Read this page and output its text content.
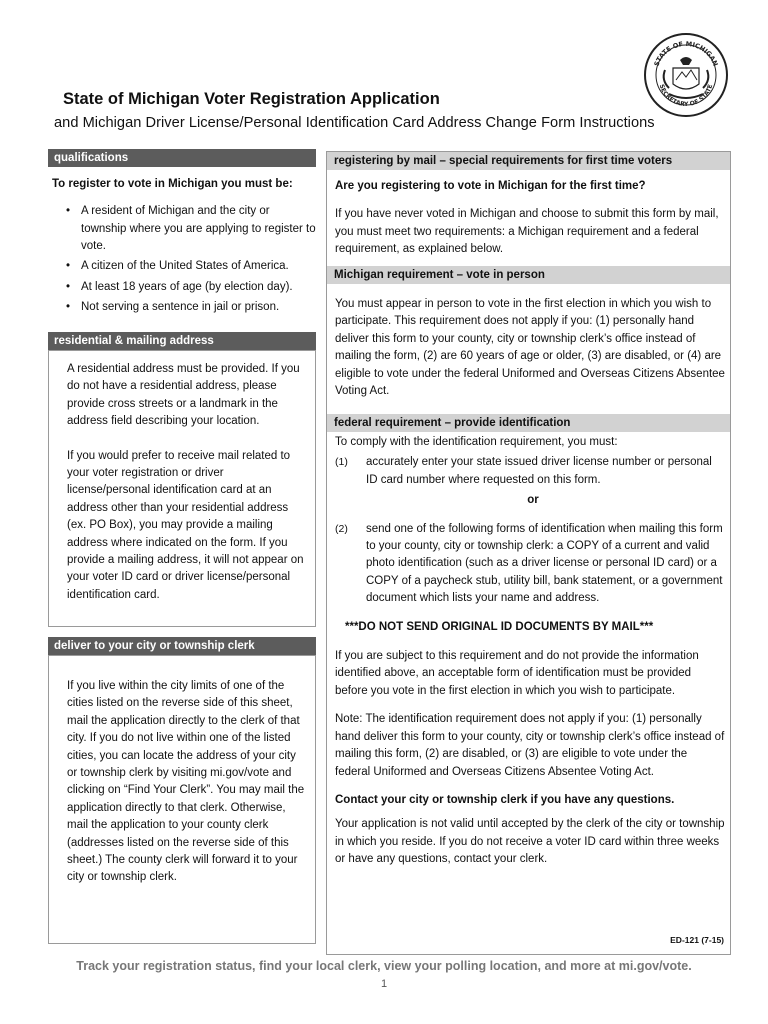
STATE OF MICHIGAN
SECRETARY OF STATE
State of Michigan Voter Registration Application
and Michigan Driver License/Personal Identification Card Address Change Form Instructions
qualifications

To register to vote in Michigan you must be:

• A resident of Michigan and the city or township where you are applying to register to vote.
• A citizen of the United States of America.
• At least 18 years of age (by election day).
• Not serving a sentence in jail or prison.
residential & mailing address

A residential address must be provided. If you do not have a residential address, please provide cross streets or a landmark in the address field describing your location.

If you would prefer to receive mail related to your voter registration or driver license/personal identification card at an address other than your residential address (ex. PO Box), you may provide a mailing address where indicated on the form. If you provide a mailing address, it will not appear on your voter ID card or driver license/personal identification card.

deliver to your city or township clerk

If you live within the city limits of one of the cities listed on the reverse side of this sheet, mail the application directly to the clerk of that city. If you do not live within one of the listed cities, you can locate the address of your city or township clerk by visiting mi.gov/vote and clicking on “Find Your Clerk”. You may mail the application directly to that clerk. Otherwise, mail the application to your county clerk (addresses listed on the reverse side of this sheet.) The county clerk will forward it to your city or township clerk.

registering by mail – special requirements for first time voters

Are you registering to vote in Michigan for the first time?

If you have never voted in Michigan and choose to submit this form by mail, you must meet two requirements: a Michigan requirement and a federal requirement, as explained below.

Michigan requirement – vote in person

You must appear in person to vote in the first election in which you wish to participate. This requirement does not apply if you: (1) personally hand deliver this form to your county, city or township clerk’s office instead of mailing the form, (2) are 60 years of age or older, (3) are disabled, or (4) are eligible to vote under the federal Uniformed and Overseas Citizens Absentee Voting Act.

federal requirement – provide identification

To comply with the identification requirement, you must:

(1) accurately enter your state issued driver license number or personal ID card number where requested on this form.

or

(2) send one of the following forms of identification when mailing this form to your county, city or township clerk: a COPY of a current and valid photo identification (such as a driver license or personal ID card) or a COPY of a paycheck stub, utility bill, bank statement, or a government document which lists your name and address.

***DO NOT SEND ORIGINAL ID DOCUMENTS BY MAIL***

If you are subject to this requirement and do not provide the information identified above, an acceptable form of identification must be provided before you vote in the first election in which you wish to participate.

Note: The identification requirement does not apply if you: (1) personally hand deliver this form to your county, city or township clerk’s office instead of mailing this form, (2) are disabled, or (3) are eligible to vote under the federal Uniformed and Overseas Citizens Absentee Voting Act.

Contact your city or township clerk if you have any questions.

Your application is not valid until accepted by the clerk of the city or township in which you reside. If you do not receive a voter ID card within three weeks or have any questions, contact your clerk.

ED-121 (7-15)
Track your registration status, find your local clerk, view your polling location, and more at mi.gov/vote.
1
